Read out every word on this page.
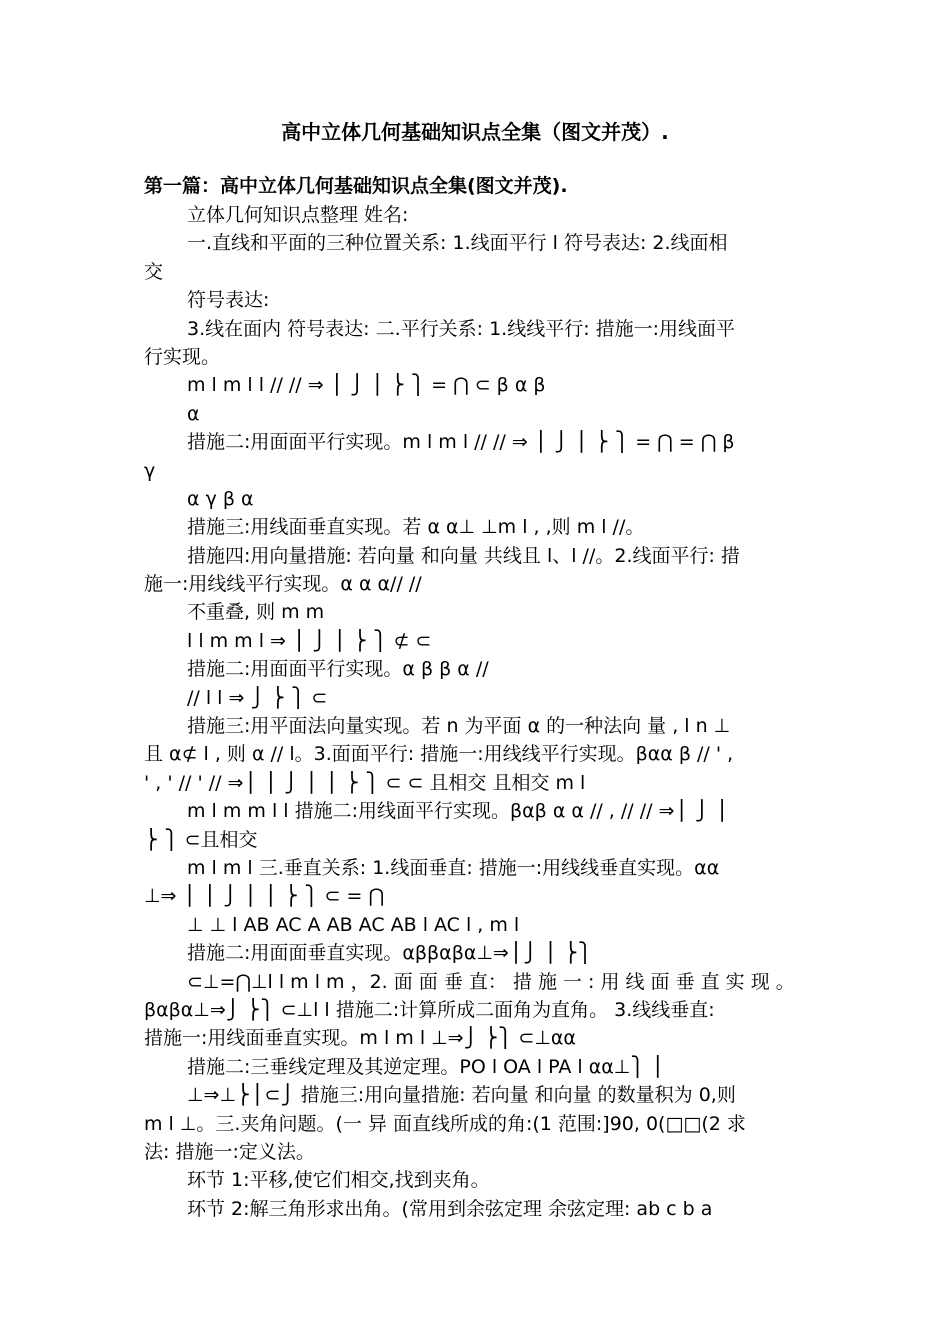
高中立体几何基础知识点全集（图文并茂）.
第一篇：高中立体几何基础知识点全集(图文并茂).
立体几何知识点整理 姓名:
一.直线和平面的三种位置关系: 1.线面平行 l 符号表达: 2.线面相
交
符号表达:
3.线在面内 符号表达: 二.平行关系: 1.线线平行: 措施一:用线面平
行实现。
m l m l l // // ⇒ ⎪ ⎭ ⎪ ⎬ ⎫ = ⋂ ⊂ β α β
α
措施二:用面面平行实现。m l m l // // ⇒ ⎪ ⎭ ⎪ ⎬ ⎫ = ⋂ = ⋂ β
γ
α γ β α
措施三:用线面垂直实现。若 α α⊥ ⊥m l , ,则 m l //。
措施四:用向量措施: 若向量 和向量 共线且 l、l //。2.线面平行: 措
施一:用线线平行实现。α α α// //
不重叠, 则 m m
l l m m l ⇒ ⎪ ⎭ ⎪ ⎬ ⎫ ⊄ ⊂
措施二:用面面平行实现。α β β α //
// l l ⇒ ⎭ ⎬ ⎫ ⊂
措施三:用平面法向量实现。若 n 为平面 α 的一种法向 量 , l n ⊥
且 α⊄ l , 则 α // l。3.面面平行: 措施一:用线线平行实现。βαα β // ' ,
' , ' // ' // ⇒⎪ ⎪ ⎭ ⎪ ⎪ ⎬ ⎫ ⊂ ⊂ 且相交 且相交 m l
m l m m l l 措施二:用线面平行实现。βαβ α α // , // // ⇒⎪ ⎭ ⎪
⎬ ⎫ ⊂且相交
m l m l 三.垂直关系: 1.线面垂直: 措施一:用线线垂直实现。αα
⊥⇒ ⎪ ⎪ ⎭ ⎪ ⎪ ⎬ ⎫ ⊂ = ⋂
⊥ ⊥ l AB AC A AB AC AB l AC l , m l
措施二:用面面垂直实现。αββαβα⊥⇒⎪⎭ ⎪ ⎬⎫
⊂⊥=⋂⊥l l m l m ，2. 面 面 垂 直： 措 施 一 : 用 线 面 垂 直 实 现 。
βαβα⊥⇒⎭ ⎬⎫ ⊂⊥l l 措施二:计算所成二面角为直角。 3.线线垂直:
措施一:用线面垂直实现。m l m l ⊥⇒⎭ ⎬⎫ ⊂⊥αα
措施二:三垂线定理及其逆定理。PO l OA l PA l αα⊥⎫ ⎪
⊥⇒⊥⎬⎪⊂⎭ 措施三:用向量措施: 若向量 和向量 的数量积为 0,则
m l ⊥。三.夹角问题。(一 异 面直线所成的角:(1 范围:]90, 0(□□(2 求
法: 措施一:定义法。
环节 1:平移,使它们相交,找到夹角。
环节 2:解三角形求出角。(常用到余弦定理 余弦定理: ab c b a
